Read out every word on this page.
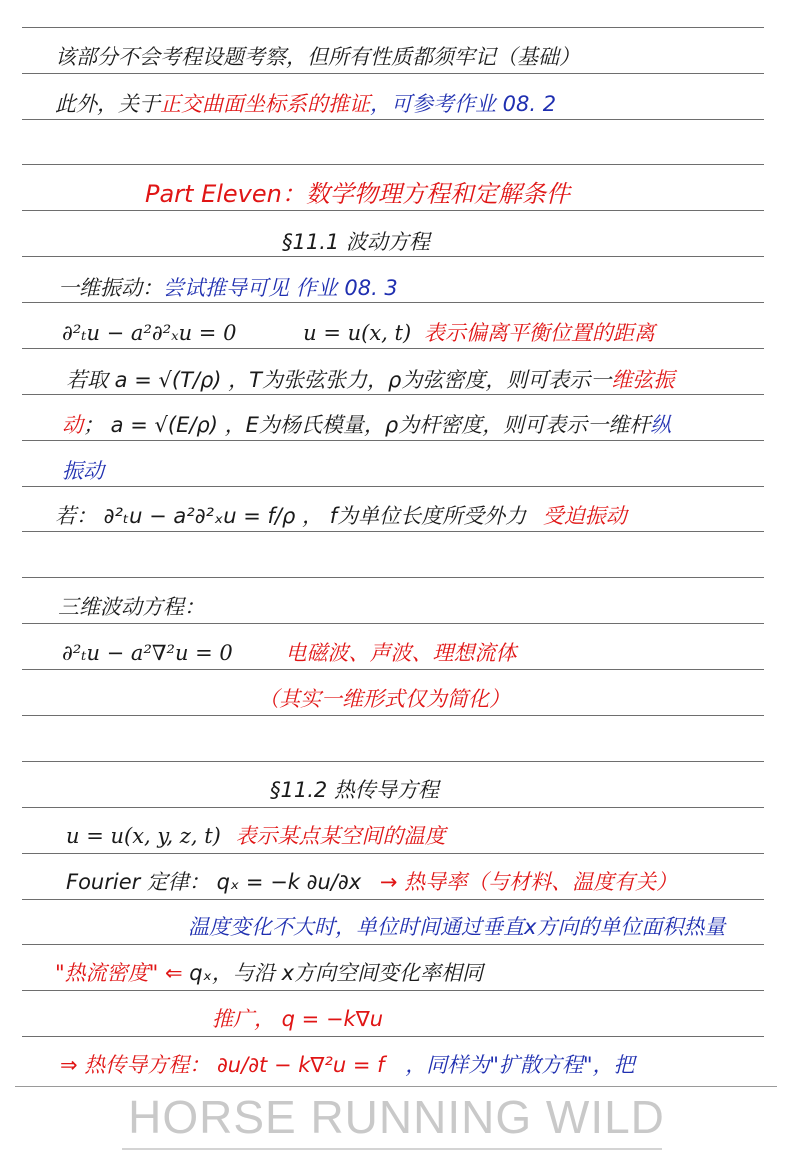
该部分不会考程设题考察，但所有性质都须牢记（基础）
此外，关于正交曲面坐标系的推证，可参考作业 08. 2
Part Eleven：数学物理方程和定解条件
§11.1 波动方程
一维振动：尝试推导可见 作业 08. 3
∂²ₜu − a²∂²ₓu = 0	u = u(x, t) 表示偏离平衡位置的距离
若取 a = √(T/ρ) ，T为张弦张力，ρ为弦密度，则可表示一维弦振
动； a = √(E/ρ) ，E为杨氏模量，ρ为杆密度，则可表示一维杆纵
振动
若： ∂²ₜu − a²∂²ₓu = f/ρ ， f为单位长度所受外力 受迫振动
三维波动方程：
∂²ₜu − a²∇²u = 0	电磁波、声波、理想流体
（其实一维形式仅为简化）
§11.2 热传导方程
u = u(x, y, z, t) 表示某点某空间的温度
Fourier 定律： qₓ = −k ∂u/∂x → 热导率（与材料、温度有关）
温度变化不大时，单位时间通过垂直x方向的单位面积热量
"热流密度" ⇐ qₓ，与沿 x方向空间变化率相同
推广， q = −k∇u
⇒ 热传导方程： ∂u/∂t − k∇²u = f ，同样为"扩散方程"，把
HORSE RUNNING WILD
